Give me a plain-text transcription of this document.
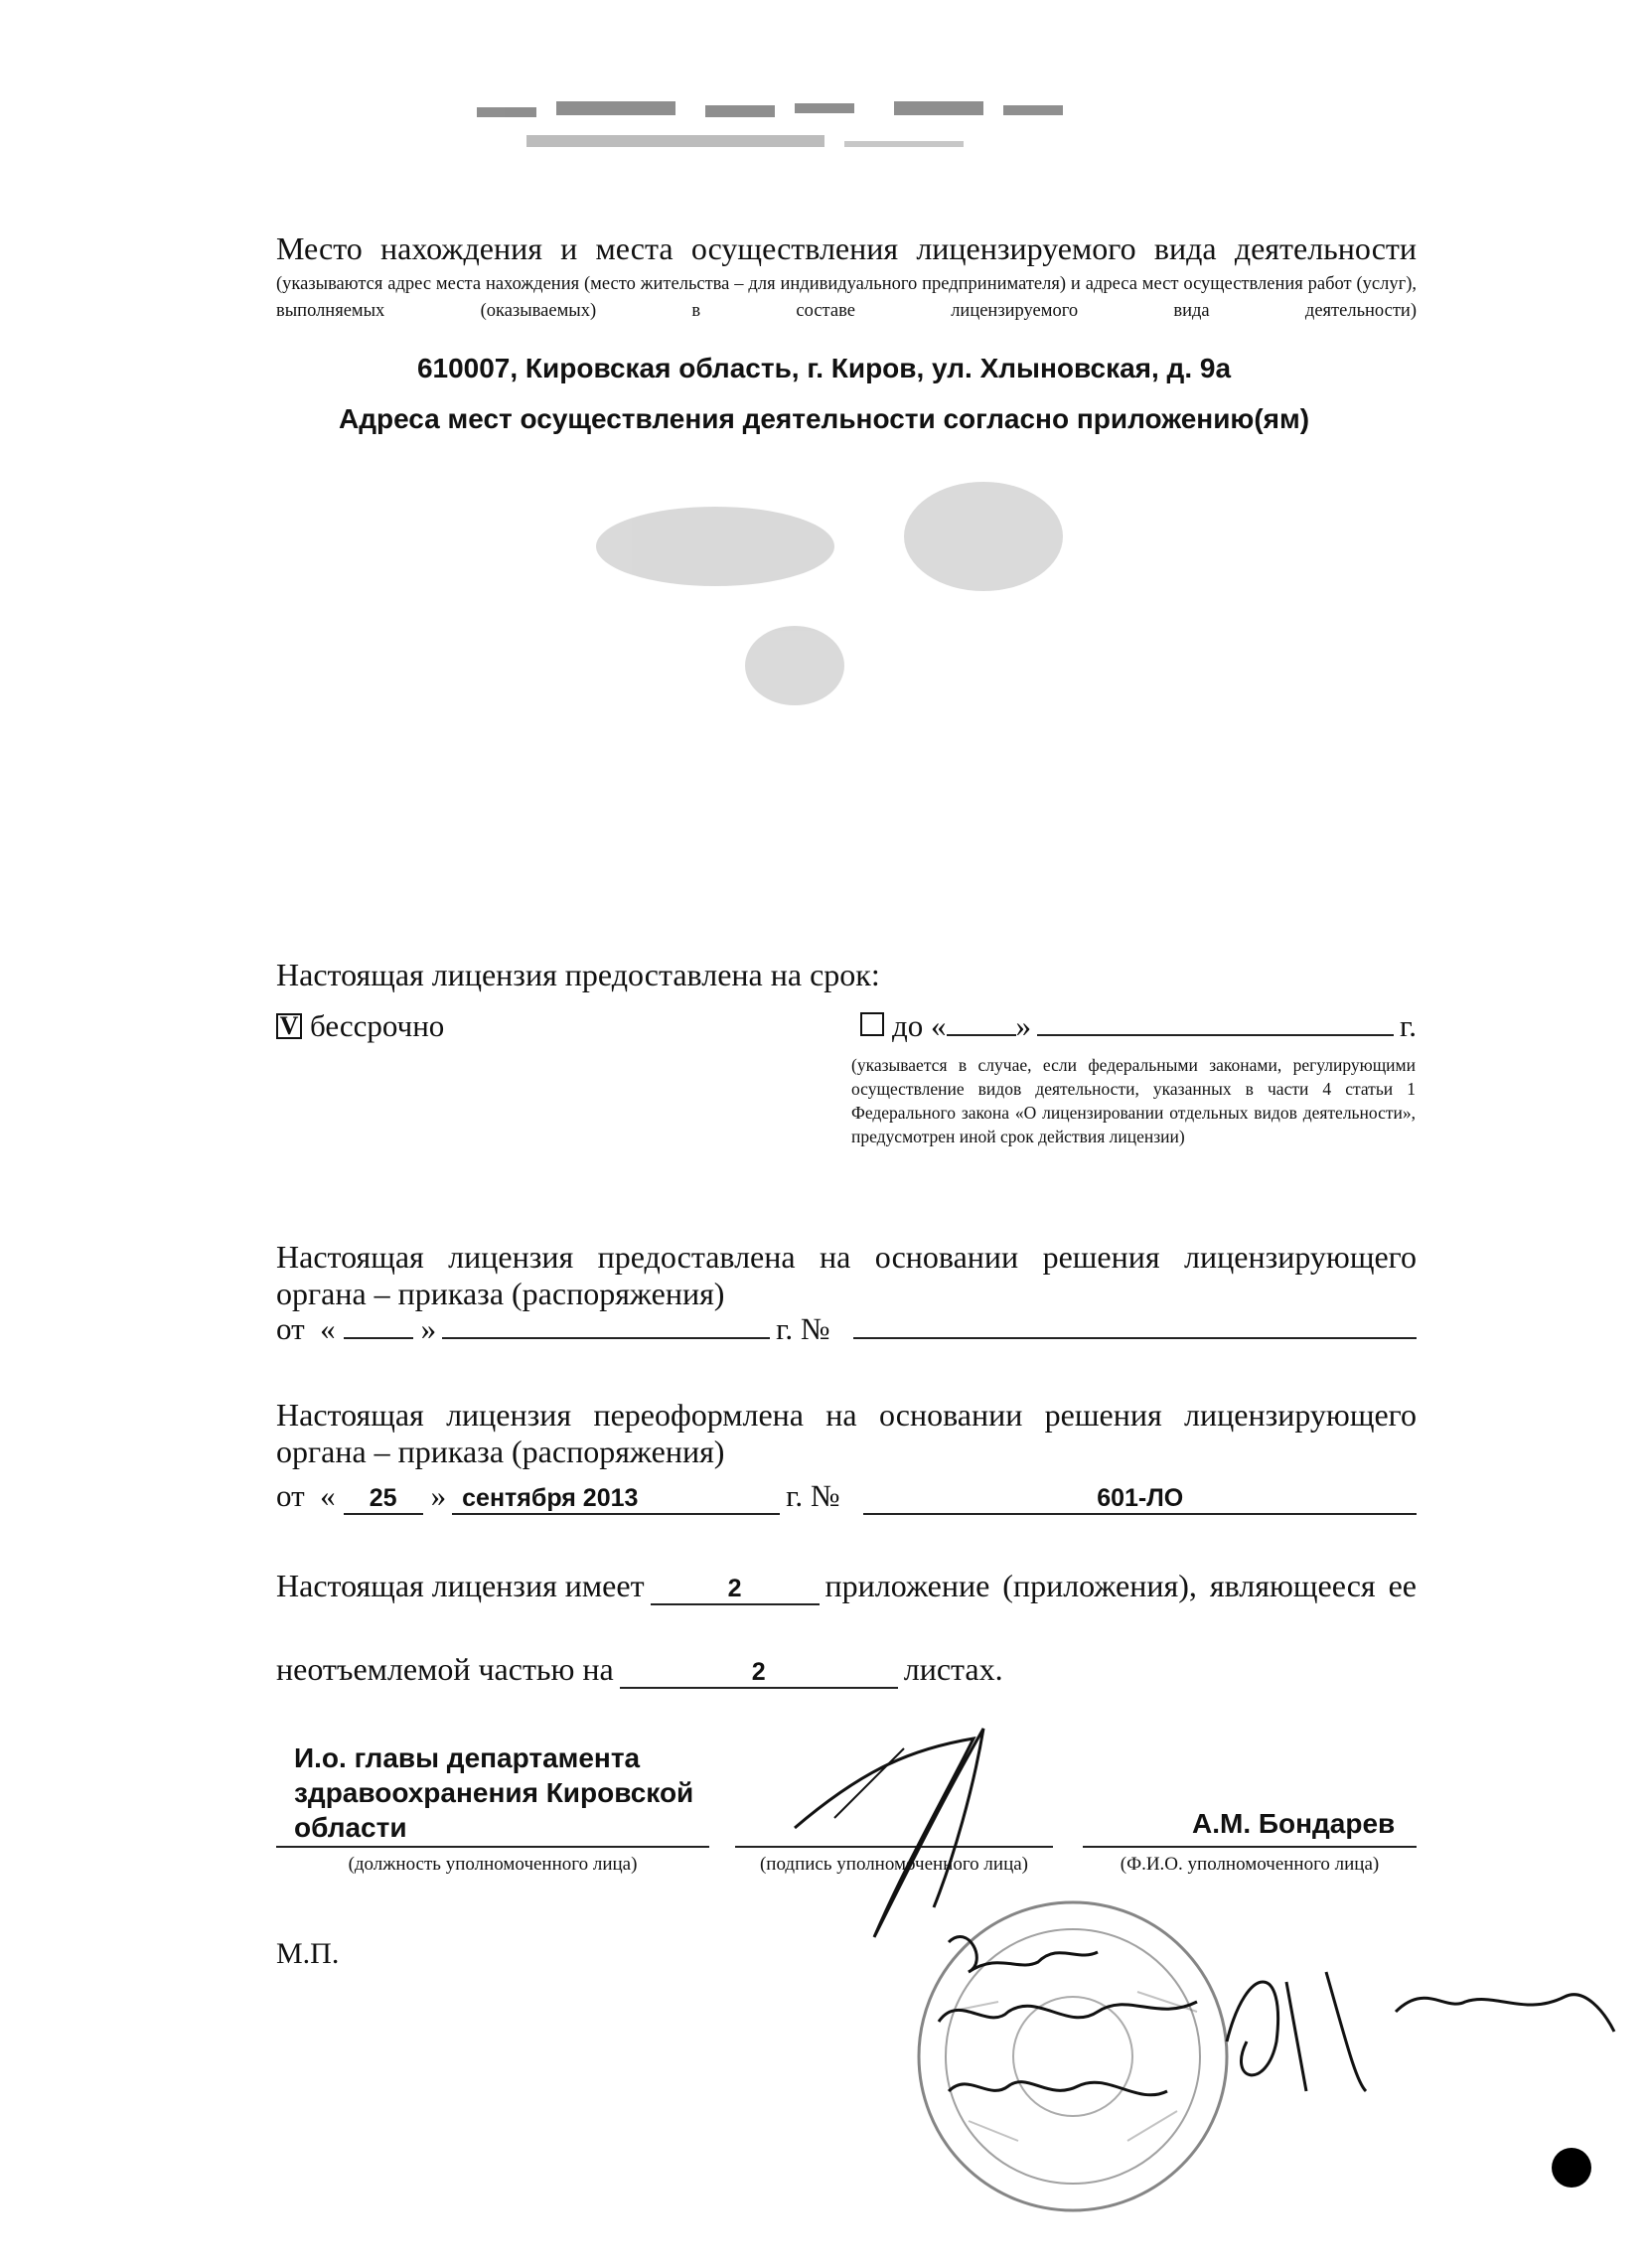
Место нахождения и места осуществления лицензируемого вида деятельности
(указываются адрес места нахождения (место жительства – для индивидуального предпринимателя) и адреса мест осуществления работ (услуг), выполняемых (оказываемых) в составе лицензируемого вида деятельности)
610007, Кировская область, г. Киров, ул. Хлыновская, д. 9а
Адреса мест осуществления деятельности согласно приложению(ям)
Настоящая лицензия предоставлена на срок:
V бессрочно	до « »	г.
(указывается в случае, если федеральными законами, регулирующими осуществление видов деятельности, указанных в части 4 статьи 1 Федерального закона «О лицензировании отдельных видов деятельности», предусмотрен иной срок действия лицензии)
Настоящая лицензия предоставлена на основании решения лицензирующего органа – приказа (распоряжения)
от
«	»	г.
№
Настоящая лицензия переоформлена на основании решения лицензирующего органа – приказа (распоряжения)
от
«	25	» сентября 2013	г.
№	601-ЛО
Настоящая лицензия имеет	2	приложение (приложения), являющееся ее
неотъемлемой частью на	2	листах.
И.о. главы департамента
здравоохранения Кировской
области	А.М. Бондарев
(должность уполномоченного лица)	(подпись уполномоченного лица)	(Ф.И.О. уполномоченного лица)
М.П.
